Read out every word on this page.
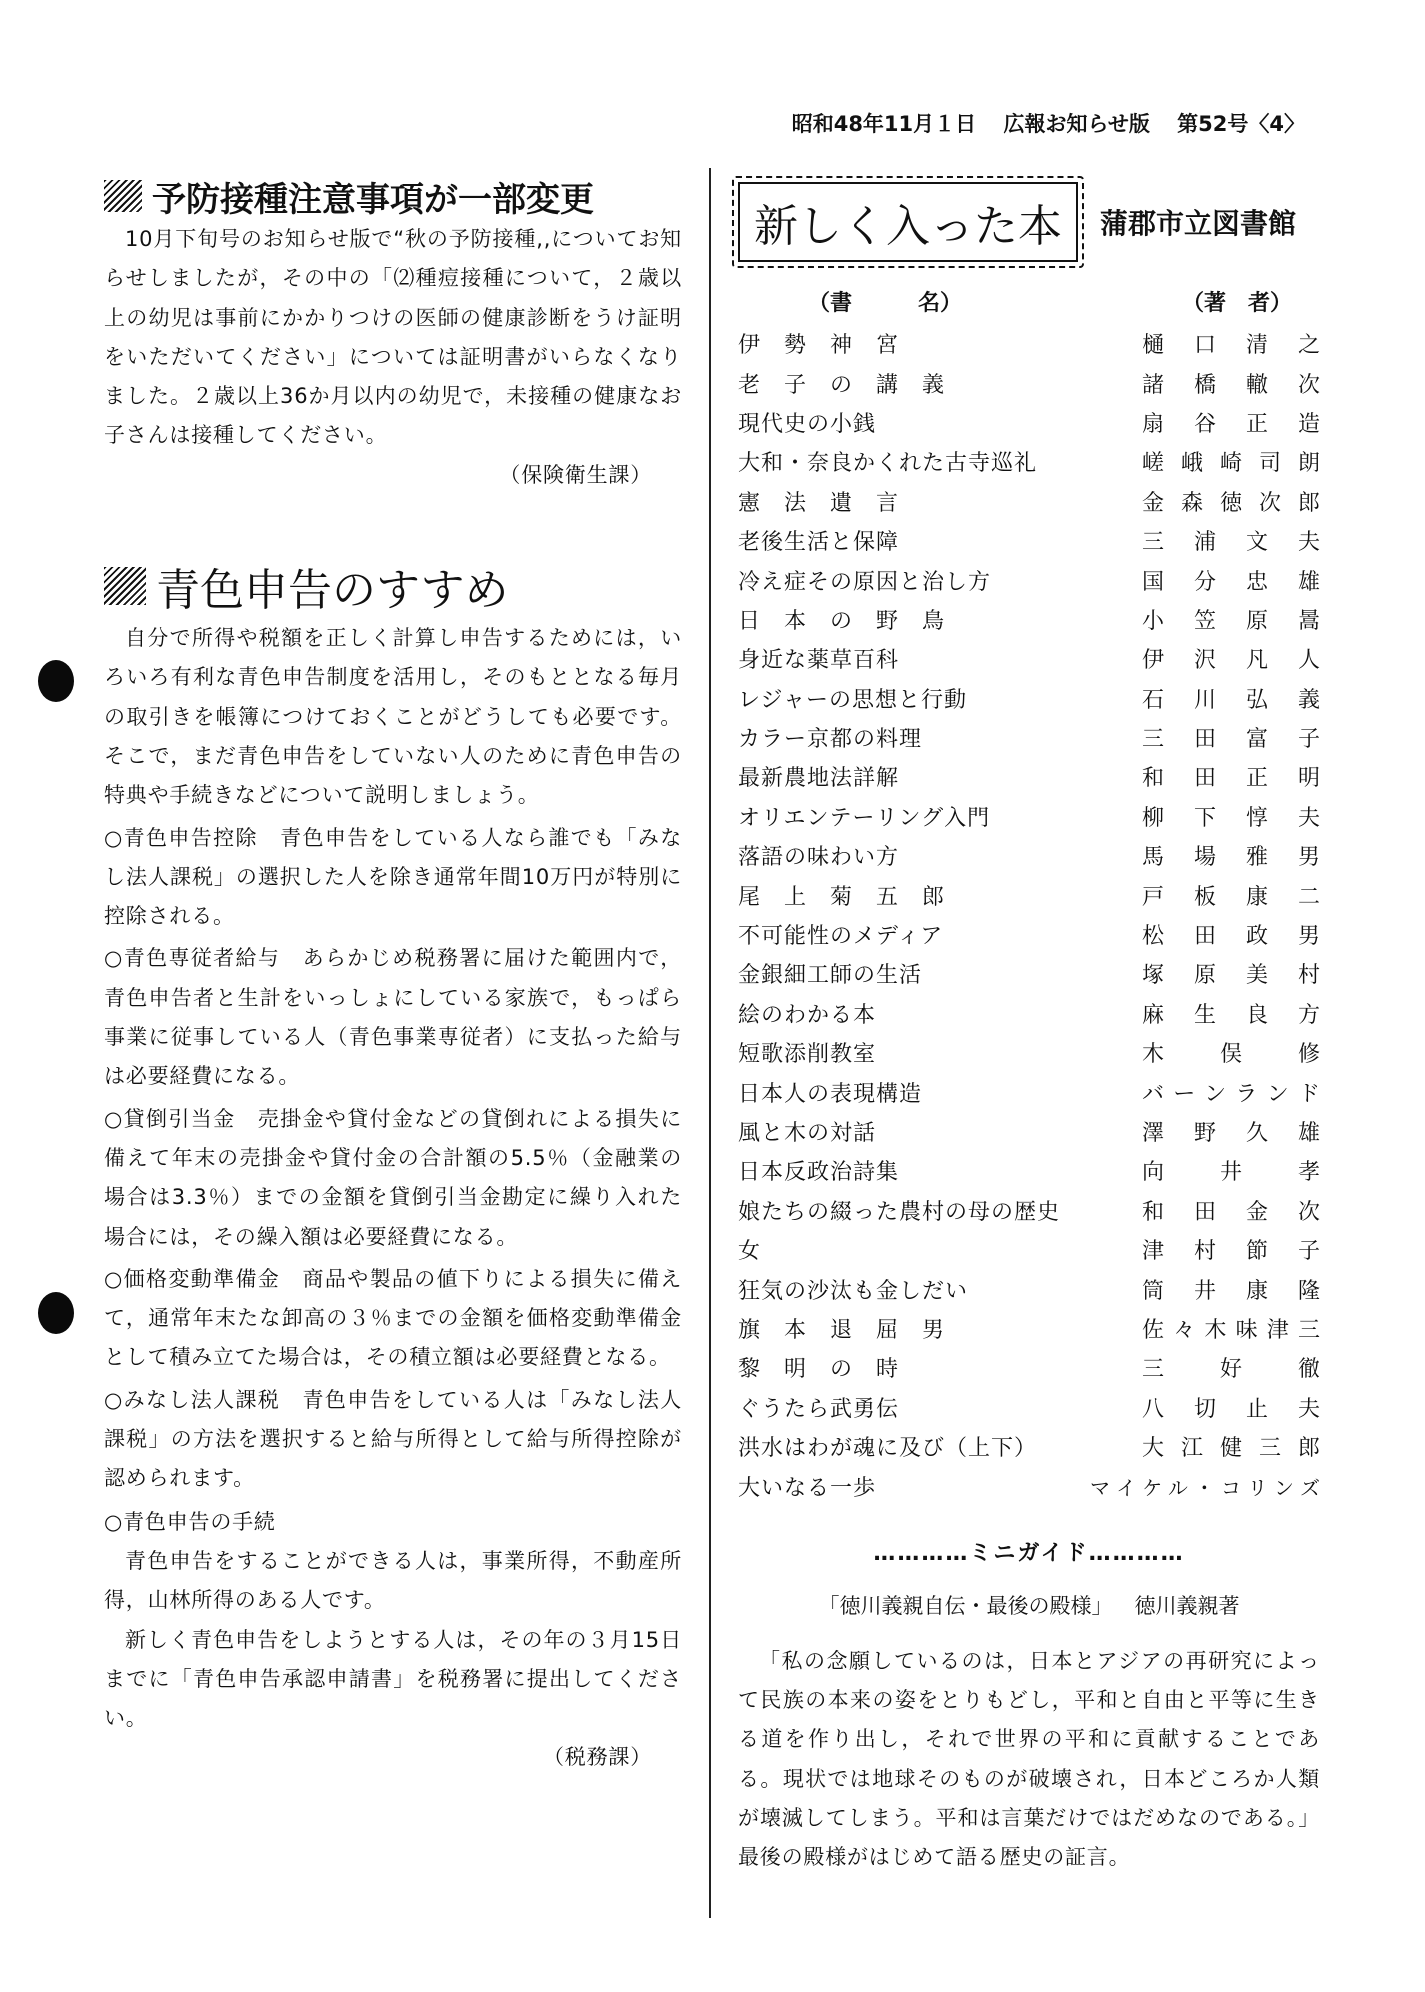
昭和48年11月１日 広報お知らせ版 第52号〈4〉
予防接種注意事項が一部変更

10月下旬号のお知らせ版で“秋の予防接種,,についてお知らせしましたが，その中の「⑵種痘接種について，２歳以上の幼児は事前にかかりつけの医師の健康診断をうけ証明をいただいてください」については証明書がいらなくなりました。２歳以上36か月以内の幼児で，未接種の健康なお子さんは接種してください。
（保険衛生課）

青色申告のすすめ

自分で所得や税額を正しく計算し申告するためには，いろいろ有利な青色申告制度を活用し，そのもととなる毎月の取引きを帳簿につけておくことがどうしても必要です。そこで，まだ青色申告をしていない人のために青色申告の特典や手続きなどについて説明しましょう。

○青色申告控除　青色申告をしている人なら誰でも「みなし法人課税」の選択した人を除き通常年間10万円が特別に控除される。

○青色専従者給与　あらかじめ税務署に届けた範囲内で，青色申告者と生計をいっしょにしている家族で，もっぱら事業に従事している人（青色事業専従者）に支払った給与は必要経費になる。

○貸倒引当金　売掛金や貸付金などの貸倒れによる損失に備えて年末の売掛金や貸付金の合計額の5.5％（金融業の場合は3.3％）までの金額を貸倒引当金勘定に繰り入れた場合には，その繰入額は必要経費になる。

○価格変動準備金　商品や製品の値下りによる損失に備えて，通常年末たな卸高の３％までの金額を価格変動準備金として積み立てた場合は，その積立額は必要経費となる。

○みなし法人課税　青色申告をしている人は「みなし法人課税」の方法を選択すると給与所得として給与所得控除が認められます。

○青色申告の手続

青色申告をすることができる人は，事業所得，不動産所得，山林所得のある人です。

新しく青色申告をしようとする人は，その年の３月15日までに「青色申告承認申請書」を税務署に提出してください。
（税務課）

新しく入った本	蒲郡市立図書館
（書　　　名）	（著　者）
伊　勢　神　宮	樋口清之
老　子　の　講　義	諸橋轍次
現代史の小銭	扇谷正造
大和・奈良かくれた古寺巡礼	嵯峨崎司朗
憲　法　遺　言	金森徳次郎
老後生活と保障	三浦文夫
冷え症その原因と治し方	国分忠雄
日　本　の　野　鳥	小笠原暠
身近な薬草百科	伊沢凡人
レジャーの思想と行動	石川弘義
カラー京都の料理	三田富子
最新農地法詳解	和田正明
オリエンテーリング入門	柳下惇夫
落語の味わい方	馬場雅男
尾　上　菊　五　郎	戸板康二
不可能性のメディア	松田政男
金銀細工師の生活	塚原美村
絵のわかる本	麻生良方
短歌添削教室	木俣修
日本人の表現構造	バーンランド
風と木の対話	澤野久雄
日本反政治詩集	向井孝
娘たちの綴った農村の母の歴史	和田金次
女	津村節子
狂気の沙汰も金しだい	筒井康隆
旗　本　退　屈　男	佐々木味津三
黎　明　の　時	三好徹
ぐうたら武勇伝	八切止夫
洪水はわが魂に及び（上下）	大江健三郎
大いなる一歩	マイケル・コリンズ
…………ミニガイド…………
「徳川義親自伝・最後の殿様」 徳川義親著

「私の念願しているのは，日本とアジアの再研究によって民族の本来の姿をとりもどし，平和と自由と平等に生きる道を作り出し，それで世界の平和に貢献することである。現状では地球そのものが破壊され，日本どころか人類が壊滅してしまう。平和は言葉だけではだめなのである。」最後の殿様がはじめて語る歴史の証言。
